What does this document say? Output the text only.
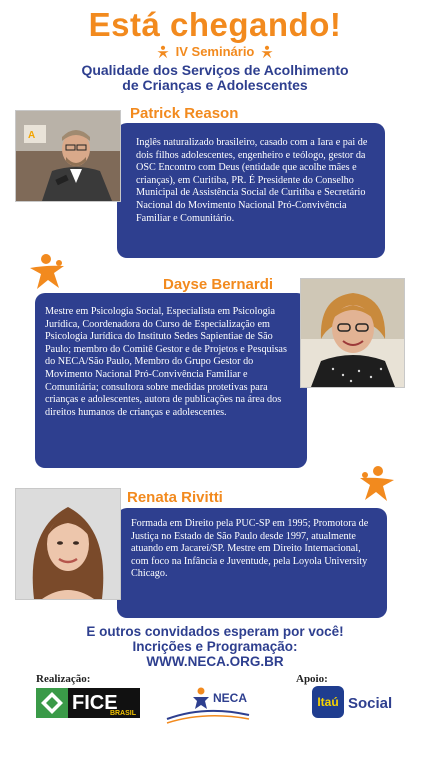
Está chegando!
IV Seminário
Qualidade dos Serviços de Acolhimento
de Crianças e Adolescentes

Inglês naturalizado brasileiro, casado com a Iara e pai de dois filhos adolescentes, engenheiro e teólogo, gestor da OSC Encontro com Deus (entidade que acolhe mães e crianças), em Curitiba, PR. É Presidente do Conselho Municipal de Assistência Social de Curitiba e Secretário Nacional do Movimento Nacional Pró-Convivência Familiar e Comunitário.

Patrick Reason
A

Mestre em Psicologia Social, Especialista em Psicologia Jurídica, Coordenadora do Curso de Especialização em Psicologia Jurídica do Instituto Sedes Sapientiae de São Paulo; membro do Comitê Gestor e de Projetos e Pesquisas do NECA/São Paulo, Membro do Grupo Gestor do Movimento Nacional Pró-Convivência Familiar e Comunitária; consultora sobre medidas protetivas para crianças e adolescentes, autora de publicações na área dos direitos humanos de crianças e adolescentes.

Dayse Bernardi

Formada em Direito pela PUC-SP em 1995; Promotora de Justiça no Estado de São Paulo desde 1997, atualmente atuando em Jacareí/SP. Mestre em Direito Internacional, com foco na Infância e Juventude, pela Loyola University Chicago.

Renata Rivitti
E outros convidados esperam por você!
Incrições e Programação:
WWW.NECA.ORG.BR
Realização:
FICE
BRASIL
NECA
Apoio:
Itaú Social
